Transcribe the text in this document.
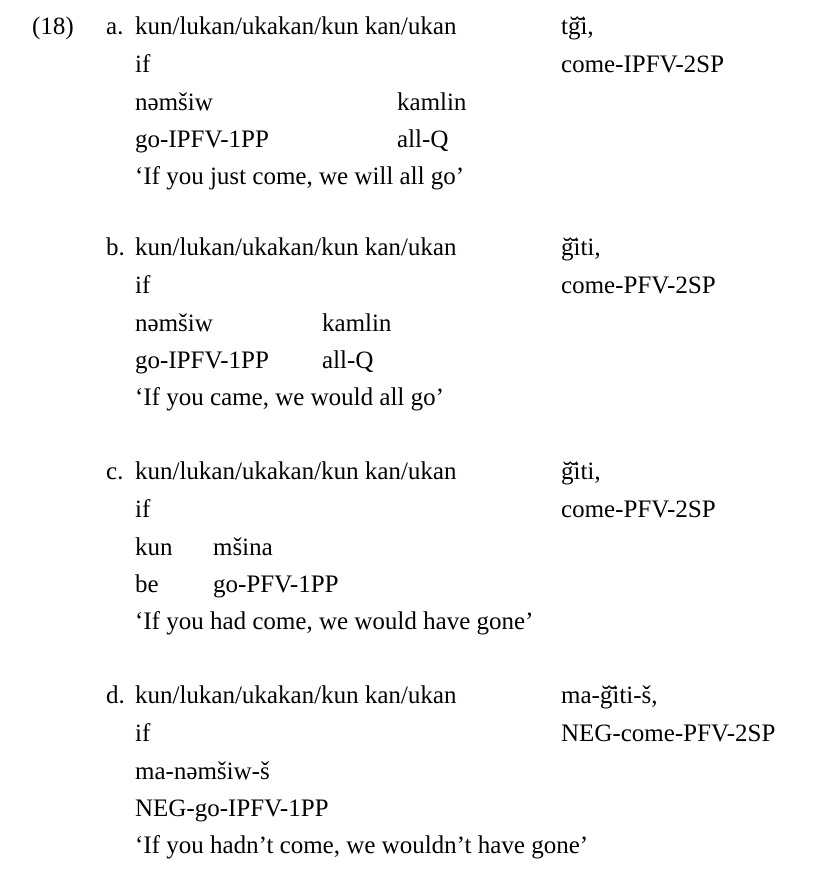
(18) a. kun/lukan/ukakan/kun kan/ukan	tğ̆i,
if	come-IPFV-2SP
nəmšiw	kamlin
go-IPFV-1PP	all-Q
‘If you just come, we will all go’
b. kun/lukan/ukakan/kun kan/ukan	ğ̆iti,
if	come-PFV-2SP
nəmšiw	kamlin
go-IPFV-1PP all-Q
‘If you came, we would all go’
c. kun/lukan/ukakan/kun kan/ukan	ğ̆iti,
if	come-PFV-2SP
kun mšina
be go-PFV-1PP
‘If you had come, we would have gone’
d. kun/lukan/ukakan/kun kan/ukan	ma-ğ̆iti-š,
if	NEG-come-PFV-2SP
ma-nəmšiw-š
NEG-go-IPFV-1PP
‘If you hadn’t come, we wouldn’t have gone’
